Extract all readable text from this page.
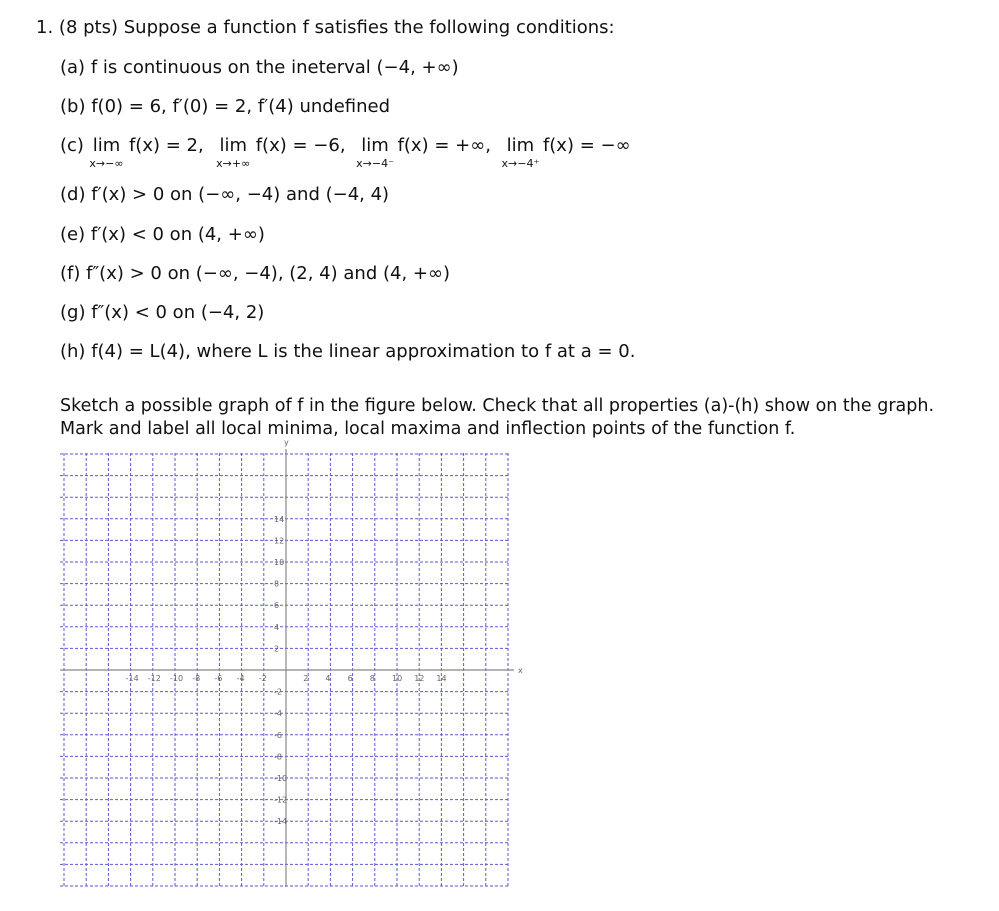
1. (8 pts) Suppose a function f satisfies the following conditions:
(a) f is continuous on the ineterval (−4, +∞)
(b) f(0) = 6, f′(0) = 2, f′(4) undefined
(c) lim
x→−∞
f(x) = 2, lim
x→+∞
f(x) = −6, lim
x→−4⁻
f(x) = +∞, lim
x→−4⁺
f(x) = −∞
(d) f′(x) > 0 on (−∞, −4) and (−4, 4)
(e) f′(x) < 0 on (4, +∞)
(f) f″(x) > 0 on (−∞, −4), (2, 4) and (4, +∞)
(g) f″(x) < 0 on (−4, 2)
(h) f(4) = L(4), where L is the linear approximation to f at a = 0.
Sketch a possible graph of f in the figure below. Check that all properties (a)-(h) show on the graph.
Mark and label all local minima, local maxima and inflection points of the function f.
x
y
-14 -12 -10 -8 -6 -4 -2	2 4 6 8 10 12 14
14
12
10
8
6
4
2
-2
-4
-6
-8
-10
-12
-14
